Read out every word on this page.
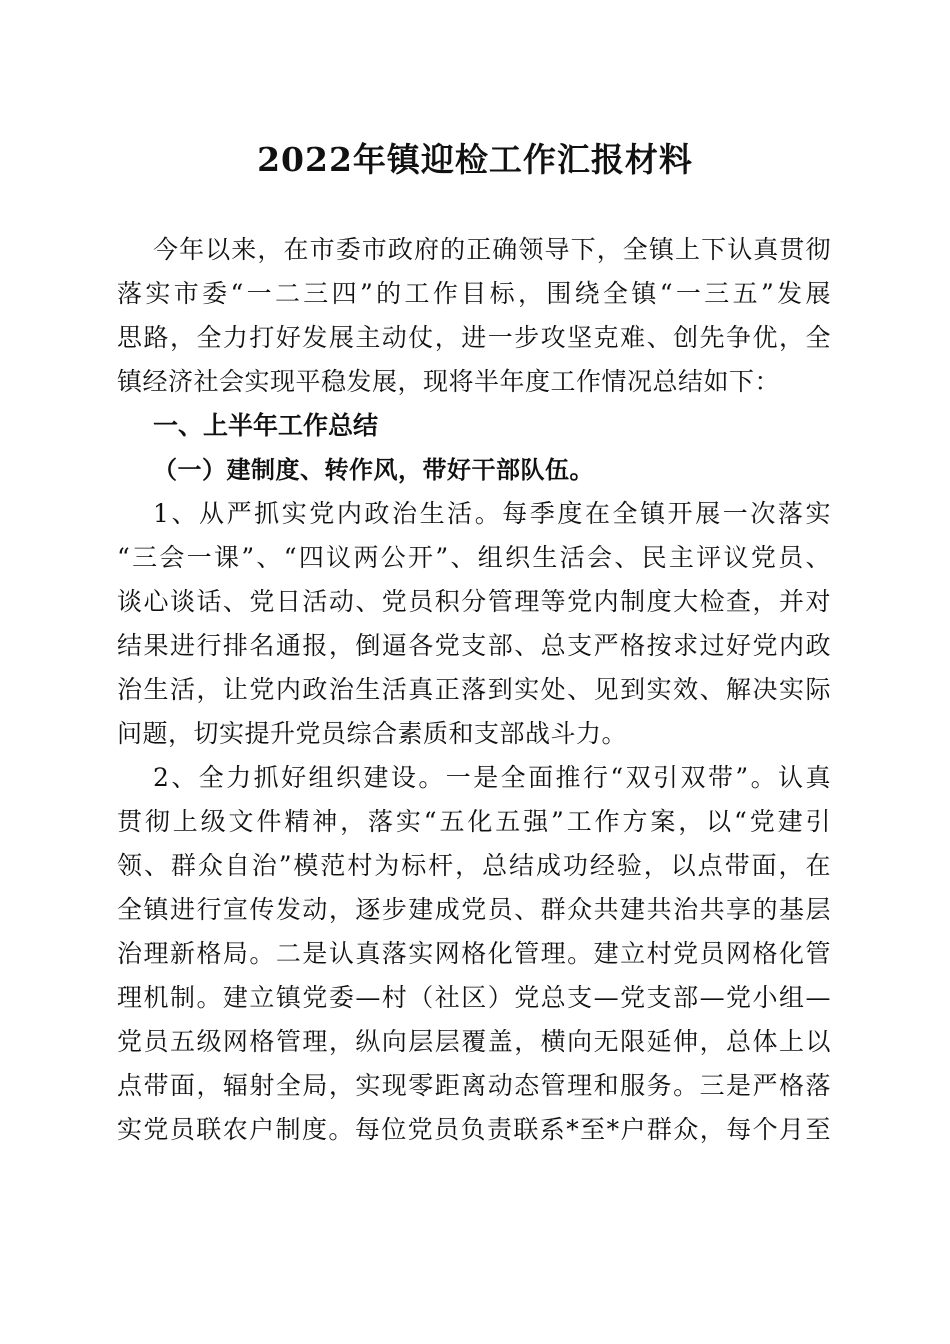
2022年镇迎检工作汇报材料
今年以来，在市委市政府的正确领导下，全镇上下认真贯彻
落实市委“一二三四”的工作目标，围绕全镇“一三五”发展
思路，全力打好发展主动仗，进一步攻坚克难、创先争优，全
镇经济社会实现平稳发展，现将半年度工作情况总结如下：
一、上半年工作总结
（一）建制度、转作风，带好干部队伍。
1、从严抓实党内政治生活。每季度在全镇开展一次落实
“三会一课”、“四议两公开”、组织生活会、民主评议党员、
谈心谈话、党日活动、党员积分管理等党内制度大检查，并对
结果进行排名通报，倒逼各党支部、总支严格按求过好党内政
治生活，让党内政治生活真正落到实处、见到实效、解决实际
问题，切实提升党员综合素质和支部战斗力。
2、全力抓好组织建设。一是全面推行“双引双带”。认真
贯彻上级文件精神，落实“五化五强”工作方案，以“党建引
领、群众自治”模范村为标杆，总结成功经验，以点带面，在
全镇进行宣传发动，逐步建成党员、群众共建共治共享的基层
治理新格局。二是认真落实网格化管理。建立村党员网格化管
理机制。建立镇党委—村（社区）党总支—党支部—党小组—
党员五级网格管理，纵向层层覆盖，横向无限延伸，总体上以
点带面，辐射全局，实现零距离动态管理和服务。三是严格落
实党员联农户制度。每位党员负责联系*至*户群众，每个月至
